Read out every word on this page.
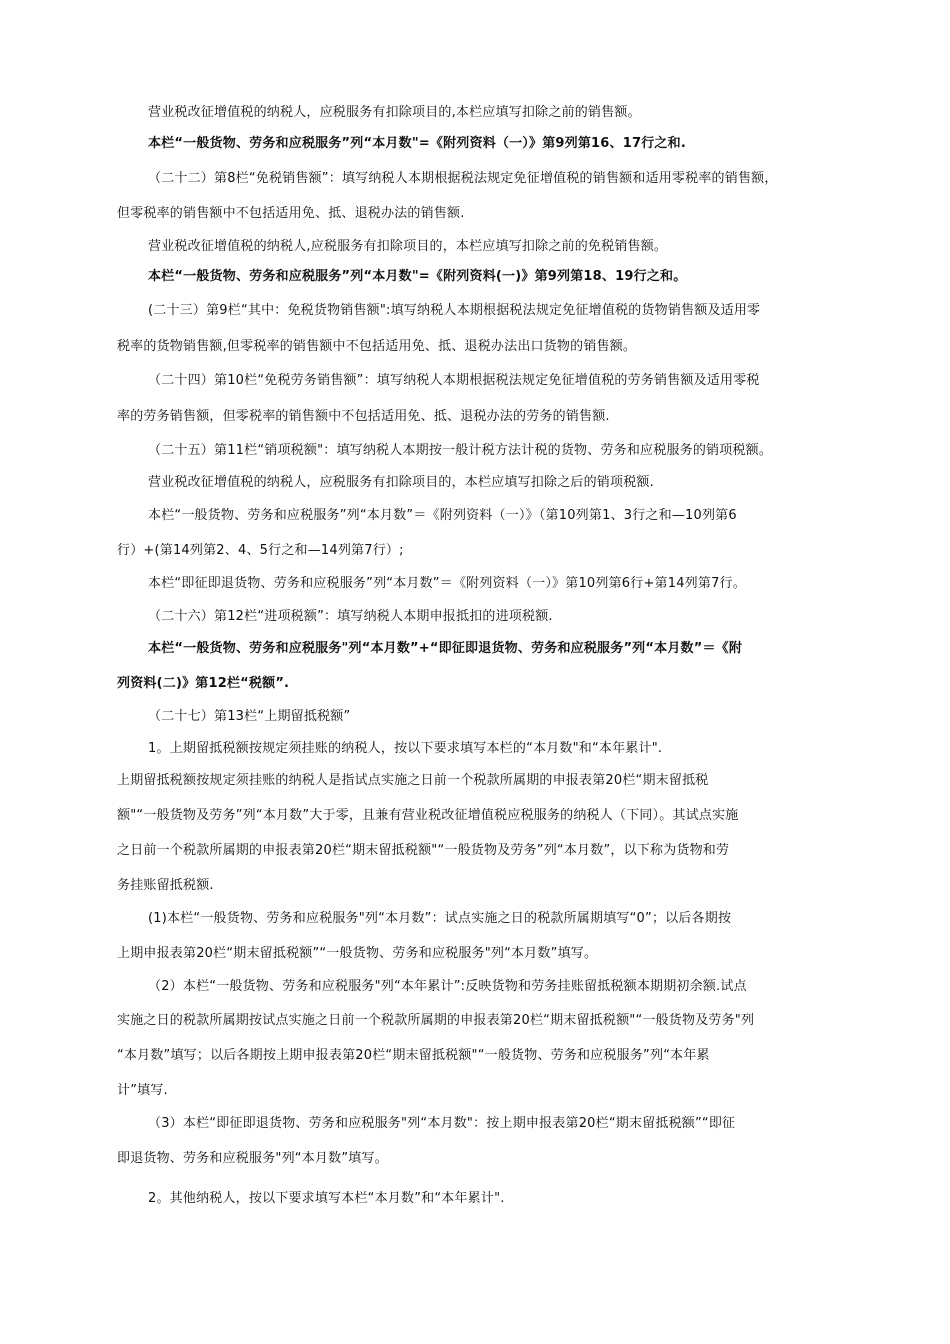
营业税改征增值税的纳税人，应税服务有扣除项目的,本栏应填写扣除之前的销售额。
本栏“一般货物、劳务和应税服务”列“本月数"=《附列资料（一）》第9列第16、17行之和.
（二十二）第8栏“免税销售额”：填写纳税人本期根据税法规定免征增值税的销售额和适用零税率的销售额，
但零税率的销售额中不包括适用免、抵、退税办法的销售额.
营业税改征增值税的纳税人,应税服务有扣除项目的，本栏应填写扣除之前的免税销售额。
本栏“一般货物、劳务和应税服务”列“本月数"=《附列资料(一)》第9列第18、19行之和。
(二十三）第9栏“其中：免税货物销售额":填写纳税人本期根据税法规定免征增值税的货物销售额及适用零
税率的货物销售额,但零税率的销售额中不包括适用免、抵、退税办法出口货物的销售额。
（二十四）第10栏“免税劳务销售额”：填写纳税人本期根据税法规定免征增值税的劳务销售额及适用零税
率的劳务销售额，但零税率的销售额中不包括适用免、抵、退税办法的劳务的销售额.
（二十五）第11栏“销项税额"：填写纳税人本期按一般计税方法计税的货物、劳务和应税服务的销项税额。
营业税改征增值税的纳税人，应税服务有扣除项目的，本栏应填写扣除之后的销项税额.
本栏“一般货物、劳务和应税服务”列“本月数”＝《附列资料（一）》（第10列第1、3行之和—10列第6
行）+(第14列第2、4、5行之和—14列第7行）;
本栏“即征即退货物、劳务和应税服务”列“本月数”＝《附列资料（一）》第10列第6行+第14列第7行。
（二十六）第12栏“进项税额”：填写纳税人本期申报抵扣的进项税额.
本栏“一般货物、劳务和应税服务"列“本月数”+“即征即退货物、劳务和应税服务”列“本月数”＝《附
列资料(二)》第12栏“税额”.
（二十七）第13栏“上期留抵税额”
1。上期留抵税额按规定须挂账的纳税人，按以下要求填写本栏的“本月数"和“本年累计".
上期留抵税额按规定须挂账的纳税人是指试点实施之日前一个税款所属期的申报表第20栏“期末留抵税
额"“一般货物及劳务”列“本月数”大于零，且兼有营业税改征增值税应税服务的纳税人（下同）。其试点实施
之日前一个税款所属期的申报表第20栏“期末留抵税额"“一般货物及劳务”列“本月数”，以下称为货物和劳
务挂账留抵税额.
(1)本栏“一般货物、劳务和应税服务"列“本月数”：试点实施之日的税款所属期填写“0”；以后各期按
上期申报表第20栏“期末留抵税额”“一般货物、劳务和应税服务"列“本月数”填写。
（2）本栏“一般货物、劳务和应税服务"列“本年累计”:反映货物和劳务挂账留抵税额本期期初余额.试点
实施之日的税款所属期按试点实施之日前一个税款所属期的申报表第20栏“期末留抵税额"“一般货物及劳务"列
“本月数”填写；以后各期按上期申报表第20栏“期末留抵税额"“一般货物、劳务和应税服务”列“本年累
计”填写.
（3）本栏“即征即退货物、劳务和应税服务"列“本月数"：按上期申报表第20栏“期末留抵税额”“即征
即退货物、劳务和应税服务"列“本月数”填写。
2。其他纳税人，按以下要求填写本栏“本月数”和“本年累计".
